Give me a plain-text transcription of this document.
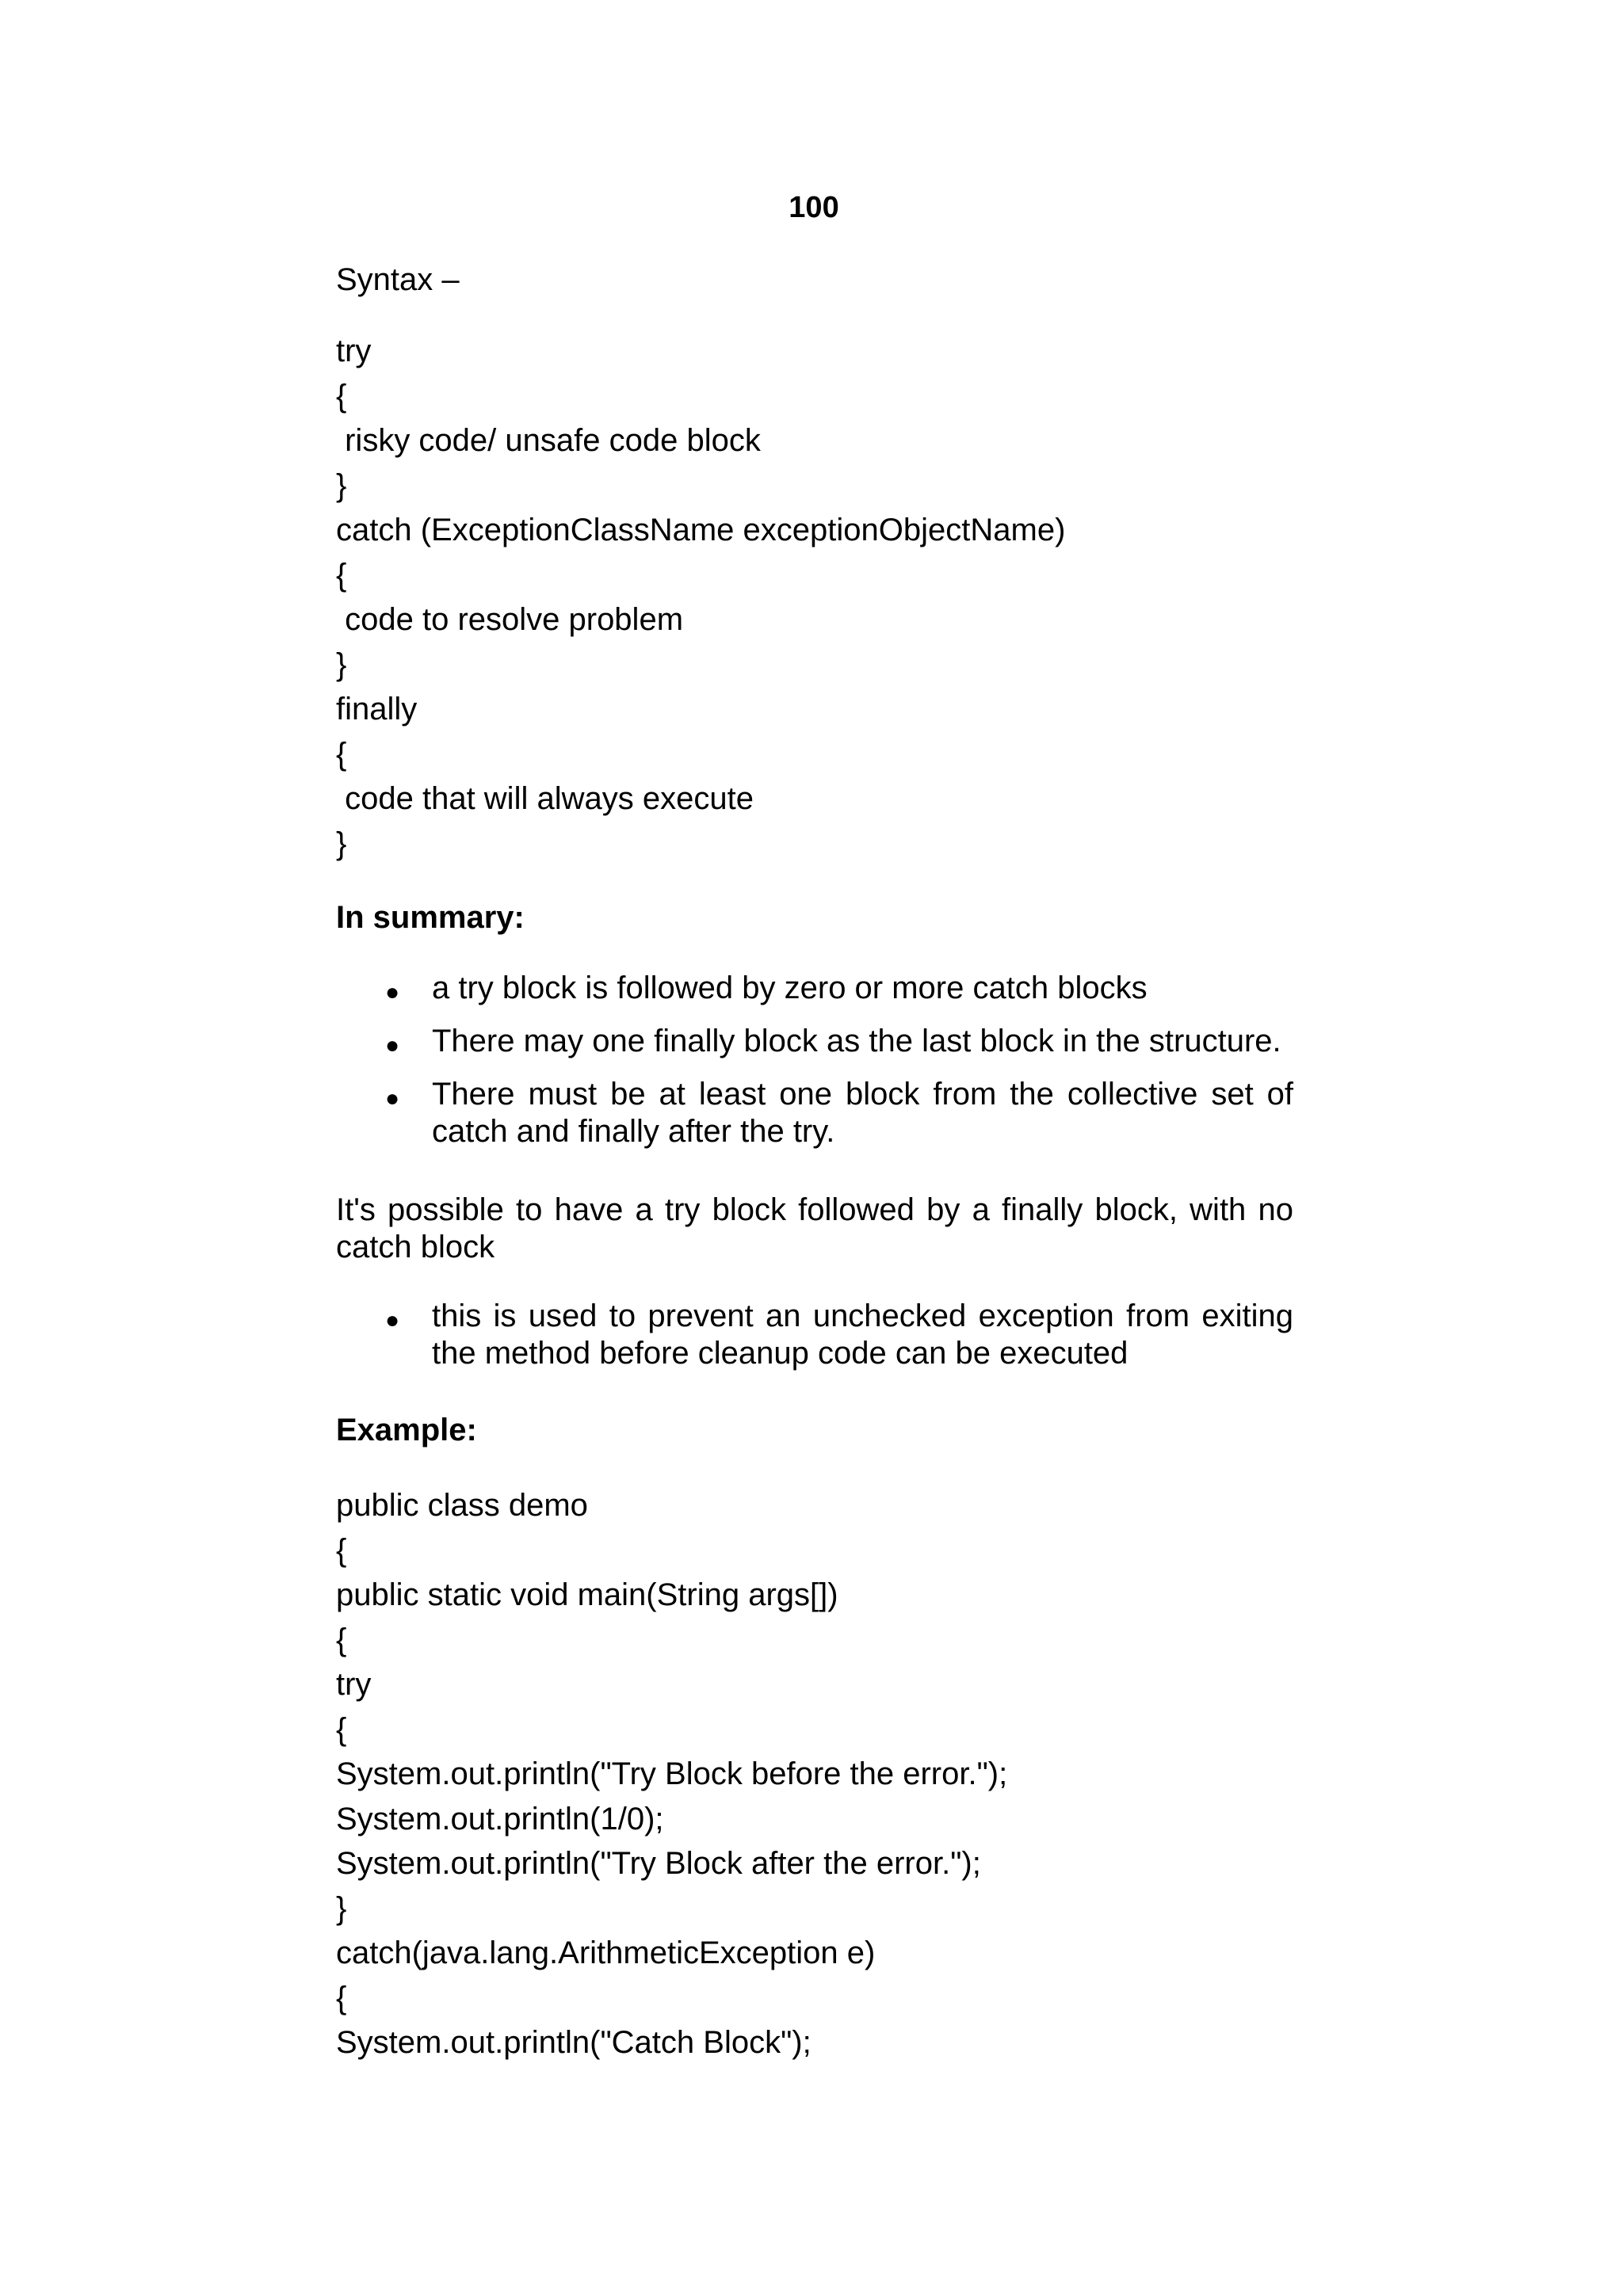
100
Syntax –
try
{
risky code/ unsafe code block
}
catch (ExceptionClassName exceptionObjectName)
{
code to resolve problem
}
finally
{
code that will always execute
}
In summary:
● a try block is followed by zero or more catch blocks
● There may one finally block as the last block in the structure.
● There must be at least one block from the collective set of catch and finally after the try.
It's possible to have a try block followed by a finally block, with no catch block
● this is used to prevent an unchecked exception from exiting the method before cleanup code can be executed
Example:
public class demo
{
public static void main(String args[])
{
try
{
System.out.println("Try Block before the error.");
System.out.println(1/0);
System.out.println("Try Block after the error.");
}
catch(java.lang.ArithmeticException e)
{
System.out.println("Catch Block");
